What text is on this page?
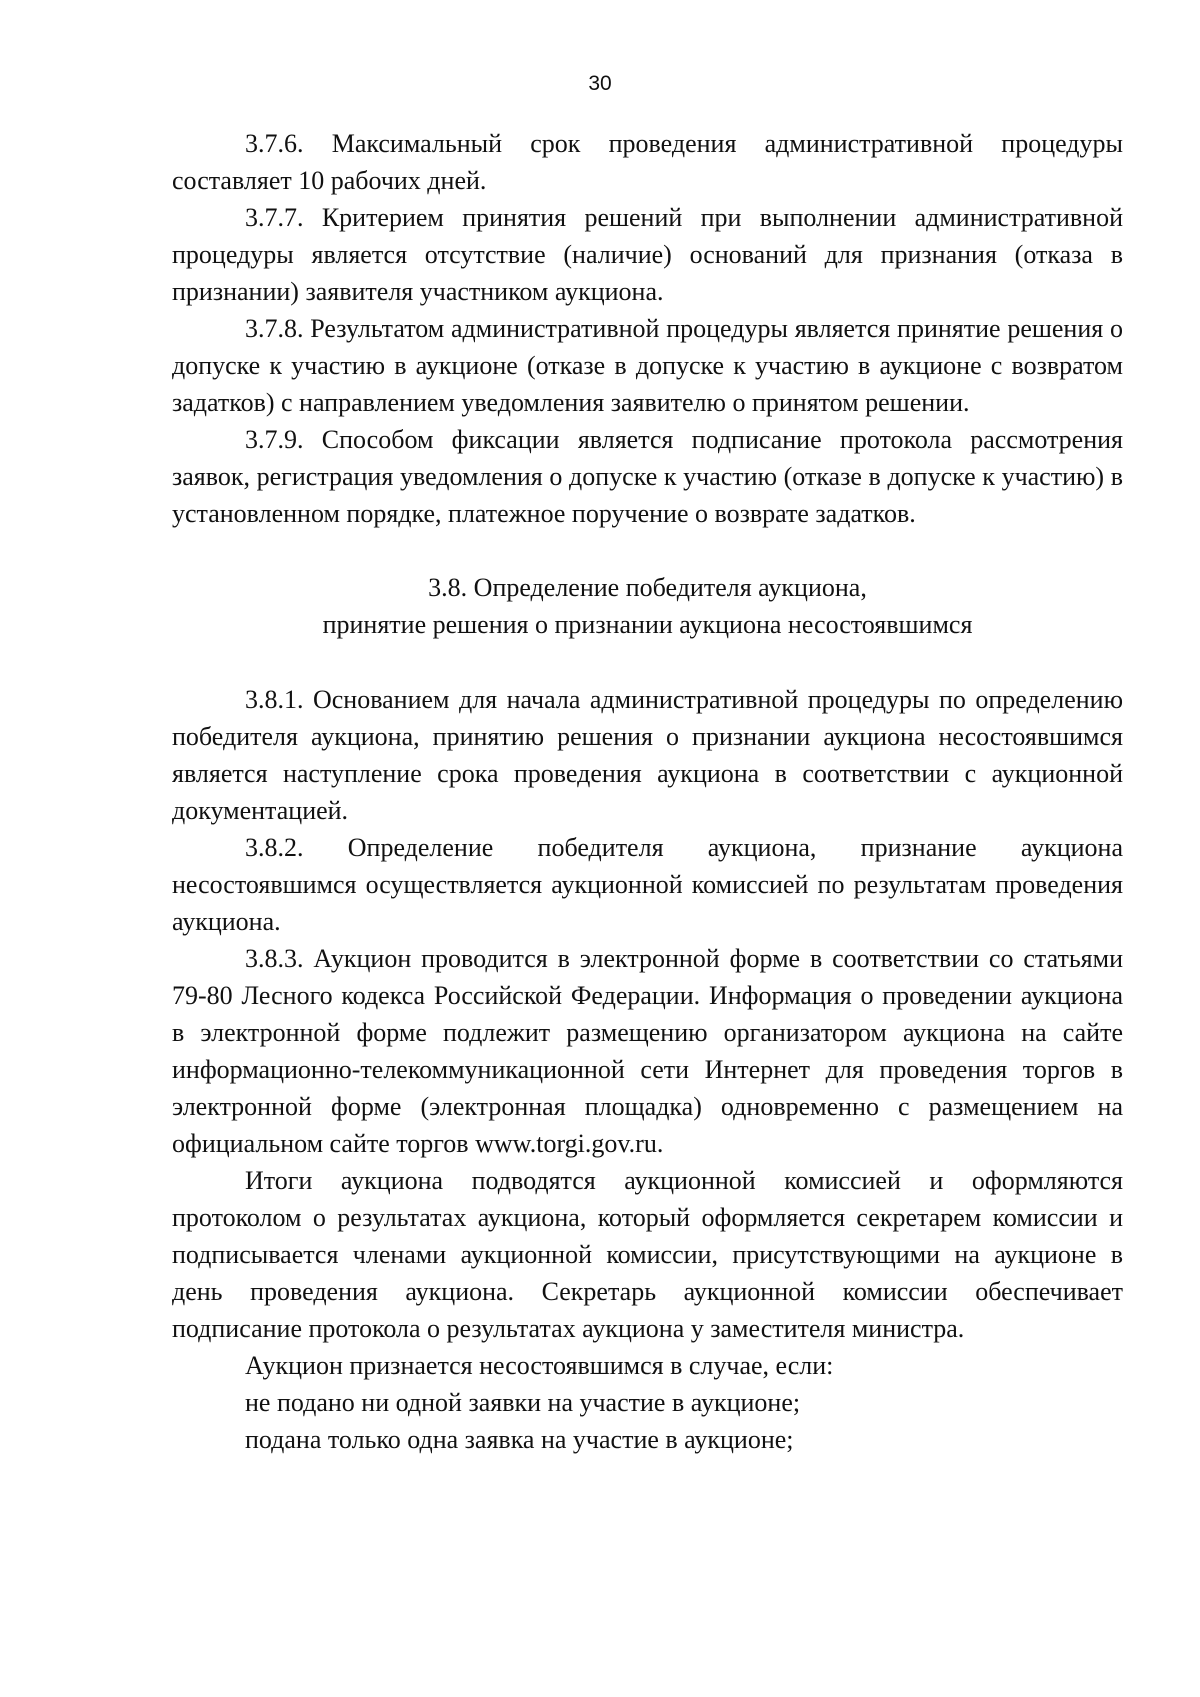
30

3.7.6. Максимальный срок проведения административной процедуры составляет 10 рабочих дней.

3.7.7. Критерием принятия решений при выполнении административной процедуры является отсутствие (наличие) оснований для признания (отказа в признании) заявителя участником аукциона.

3.7.8. Результатом административной процедуры является принятие решения о допуске к участию в аукционе (отказе в допуске к участию в аукционе с возвратом задатков) с направлением уведомления заявителю о принятом решении.

3.7.9. Способом фиксации является подписание протокола рассмотрения заявок, регистрация уведомления о допуске к участию (отказе в допуске к участию) в установленном порядке, платежное поручение о возврате задатков.

3.8. Определение победителя аукциона,
принятие решения о признании аукциона несостоявшимся

3.8.1. Основанием для начала административной процедуры по определению победителя аукциона, принятию решения о признании аукциона несостоявшимся является наступление срока проведения аукциона в соответствии с аукционной документацией.

3.8.2. Определение победителя аукциона, признание аукциона несостоявшимся осуществляется аукционной комиссией по результатам проведения аукциона.

3.8.3. Аукцион проводится в электронной форме в соответствии со статьями 79-80 Лесного кодекса Российской Федерации. Информация о проведении аукциона в электронной форме подлежит размещению организатором аукциона на сайте информационно-телекоммуникационной сети Интернет для проведения торгов в электронной форме (электронная площадка) одновременно с размещением на официальном сайте торгов www.torgi.gov.ru.

Итоги аукциона подводятся аукционной комиссией и оформляются протоколом о результатах аукциона, который оформляется секретарем комиссии и подписывается членами аукционной комиссии, присутствующими на аукционе в день проведения аукциона. Секретарь аукционной комиссии обеспечивает подписание протокола о результатах аукциона у заместителя министра.

Аукцион признается несостоявшимся в случае, если:

не подано ни одной заявки на участие в аукционе;

подана только одна заявка на участие в аукционе;
